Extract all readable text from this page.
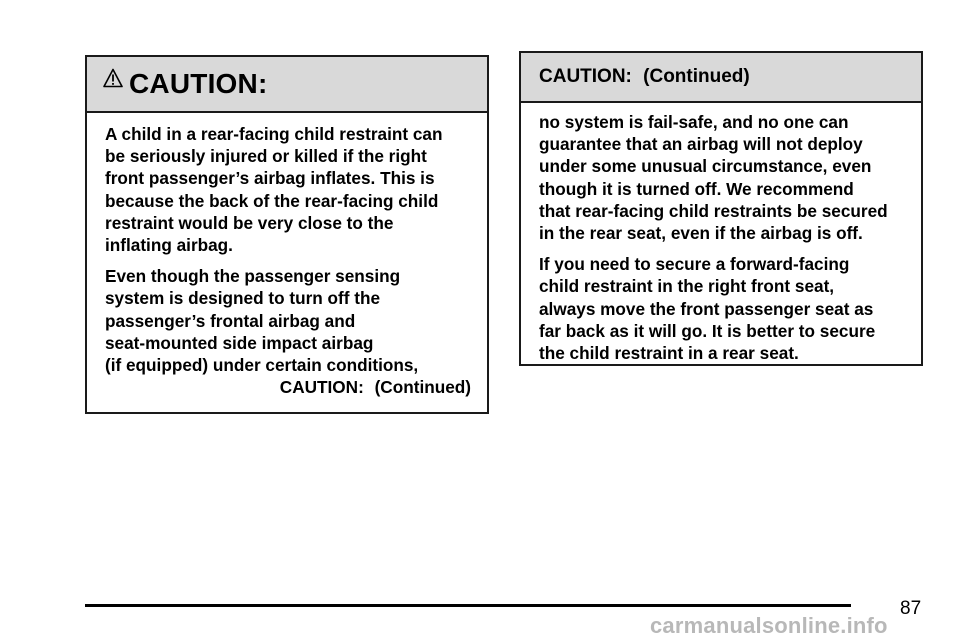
CAUTION:

A child in a rear-facing child restraint can
be seriously injured or killed if the right
front passenger’s airbag inflates. This is
because the back of the rear-facing child
restraint would be very close to the
inflating airbag.

Even though the passenger sensing
system is designed to turn off the
passenger’s frontal airbag and
seat-mounted side impact airbag
(if equipped) under certain conditions,

CAUTION: (Continued)
CAUTION: (Continued)

no system is fail-safe, and no one can
guarantee that an airbag will not deploy
under some unusual circumstance, even
though it is turned off. We recommend
that rear-facing child restraints be secured
in the rear seat, even if the airbag is off.

If you need to secure a forward-facing
child restraint in the right front seat,
always move the front passenger seat as
far back as it will go. It is better to secure
the child restraint in a rear seat.

87
carmanualsonline.info
